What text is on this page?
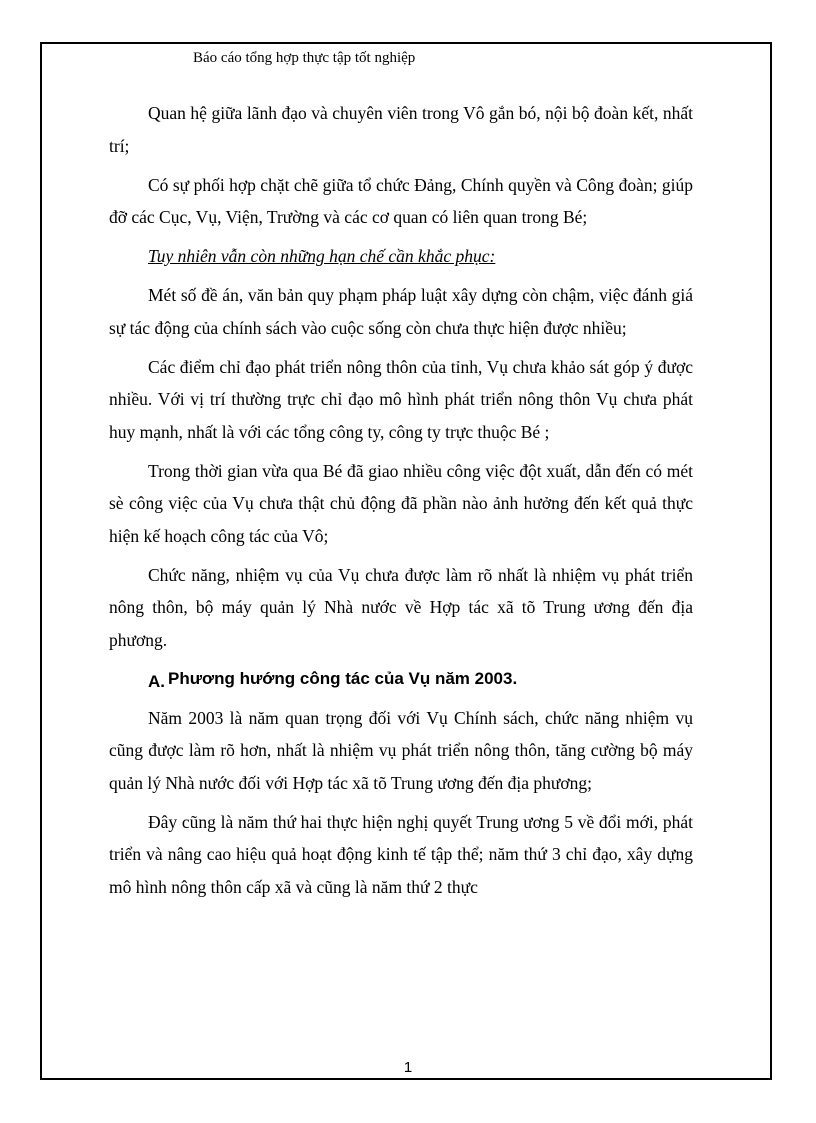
Báo cáo tổng hợp thực tập tốt nghiệp

Quan hệ giữa lãnh đạo và chuyên viên trong Vô gắn bó, nội bộ đoàn kết, nhất trí;

Có sự phối hợp chặt chẽ giữa tổ chức Đảng, Chính quyền và Công đoàn; giúp đỡ các Cục, Vụ, Viện, Trường và các cơ quan có liên quan trong Bé;

Tuy nhiên vẫn còn những hạn chế cần khắc phục:

Mét số đề án, văn bản quy phạm pháp luật xây dựng còn chậm, việc đánh giá sự tác động của chính sách vào cuộc sống còn chưa thực hiện được nhiều;

Các điểm chỉ đạo phát triển nông thôn của tỉnh, Vụ chưa khảo sát góp ý được nhiều. Với vị trí thường trực chỉ đạo mô hình phát triển nông thôn Vụ chưa phát huy mạnh, nhất là với các tổng công ty, công ty trực thuộc Bé ;

Trong thời gian vừa qua Bé đã giao nhiều công việc đột xuất, dẫn đến có mét sè công việc của Vụ chưa thật chủ động đã phần nào ảnh hưởng đến kết quả thực hiện kế hoạch công tác của Vô;

Chức năng, nhiệm vụ của Vụ chưa được làm rõ nhất là nhiệm vụ phát triển nông thôn, bộ máy quản lý Nhà nước về Hợp tác xã tõ Trung ương đến địa phương.

A. Phương hướng công tác của Vụ năm 2003.

Năm 2003 là năm quan trọng đối với Vụ Chính sách, chức năng nhiệm vụ cũng được làm rõ hơn, nhất là nhiệm vụ phát triển nông thôn, tăng cường bộ máy quản lý Nhà nước đối với Hợp tác xã tõ Trung ương đến địa phương;

Đây cũng là năm thứ hai thực hiện nghị quyết Trung ương 5 về đổi mới, phát triển và nâng cao hiệu quả hoạt động kinh tế tập thể; năm thứ 3 chỉ đạo, xây dựng mô hình nông thôn cấp xã và cũng là năm thứ 2 thực

1
